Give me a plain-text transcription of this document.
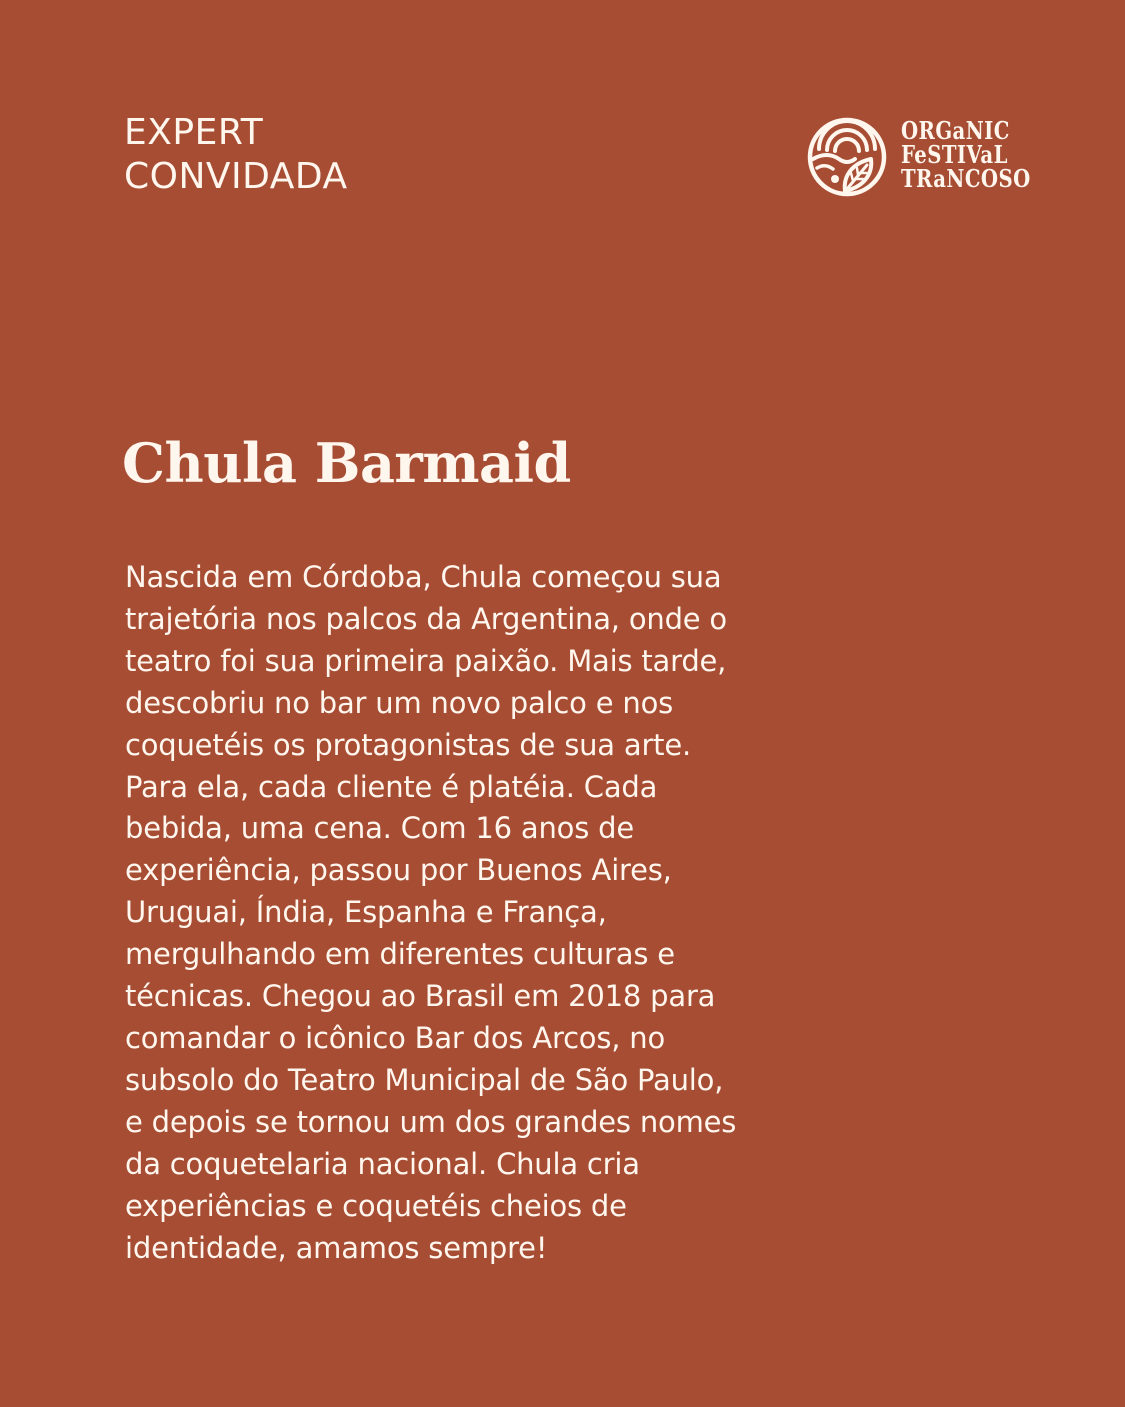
EXPERT
CONVIDADA
ORGaNIC
FeSTIVaL
TRaNCOSO
Chula Barmaid

Nascida em Córdoba, Chula começou sua
trajetória nos palcos da Argentina, onde o
teatro foi sua primeira paixão. Mais tarde,
descobriu no bar um novo palco e nos
coquetéis os protagonistas de sua arte.
Para ela, cada cliente é platéia. Cada
bebida, uma cena. Com 16 anos de
experiência, passou por Buenos Aires,
Uruguai, Índia, Espanha e França,
mergulhando em diferentes culturas e
técnicas. Chegou ao Brasil em 2018 para
comandar o icônico Bar dos Arcos, no
subsolo do Teatro Municipal de São Paulo,
e depois se tornou um dos grandes nomes
da coquetelaria nacional. Chula cria
experiências e coquetéis cheios de
identidade, amamos sempre!
